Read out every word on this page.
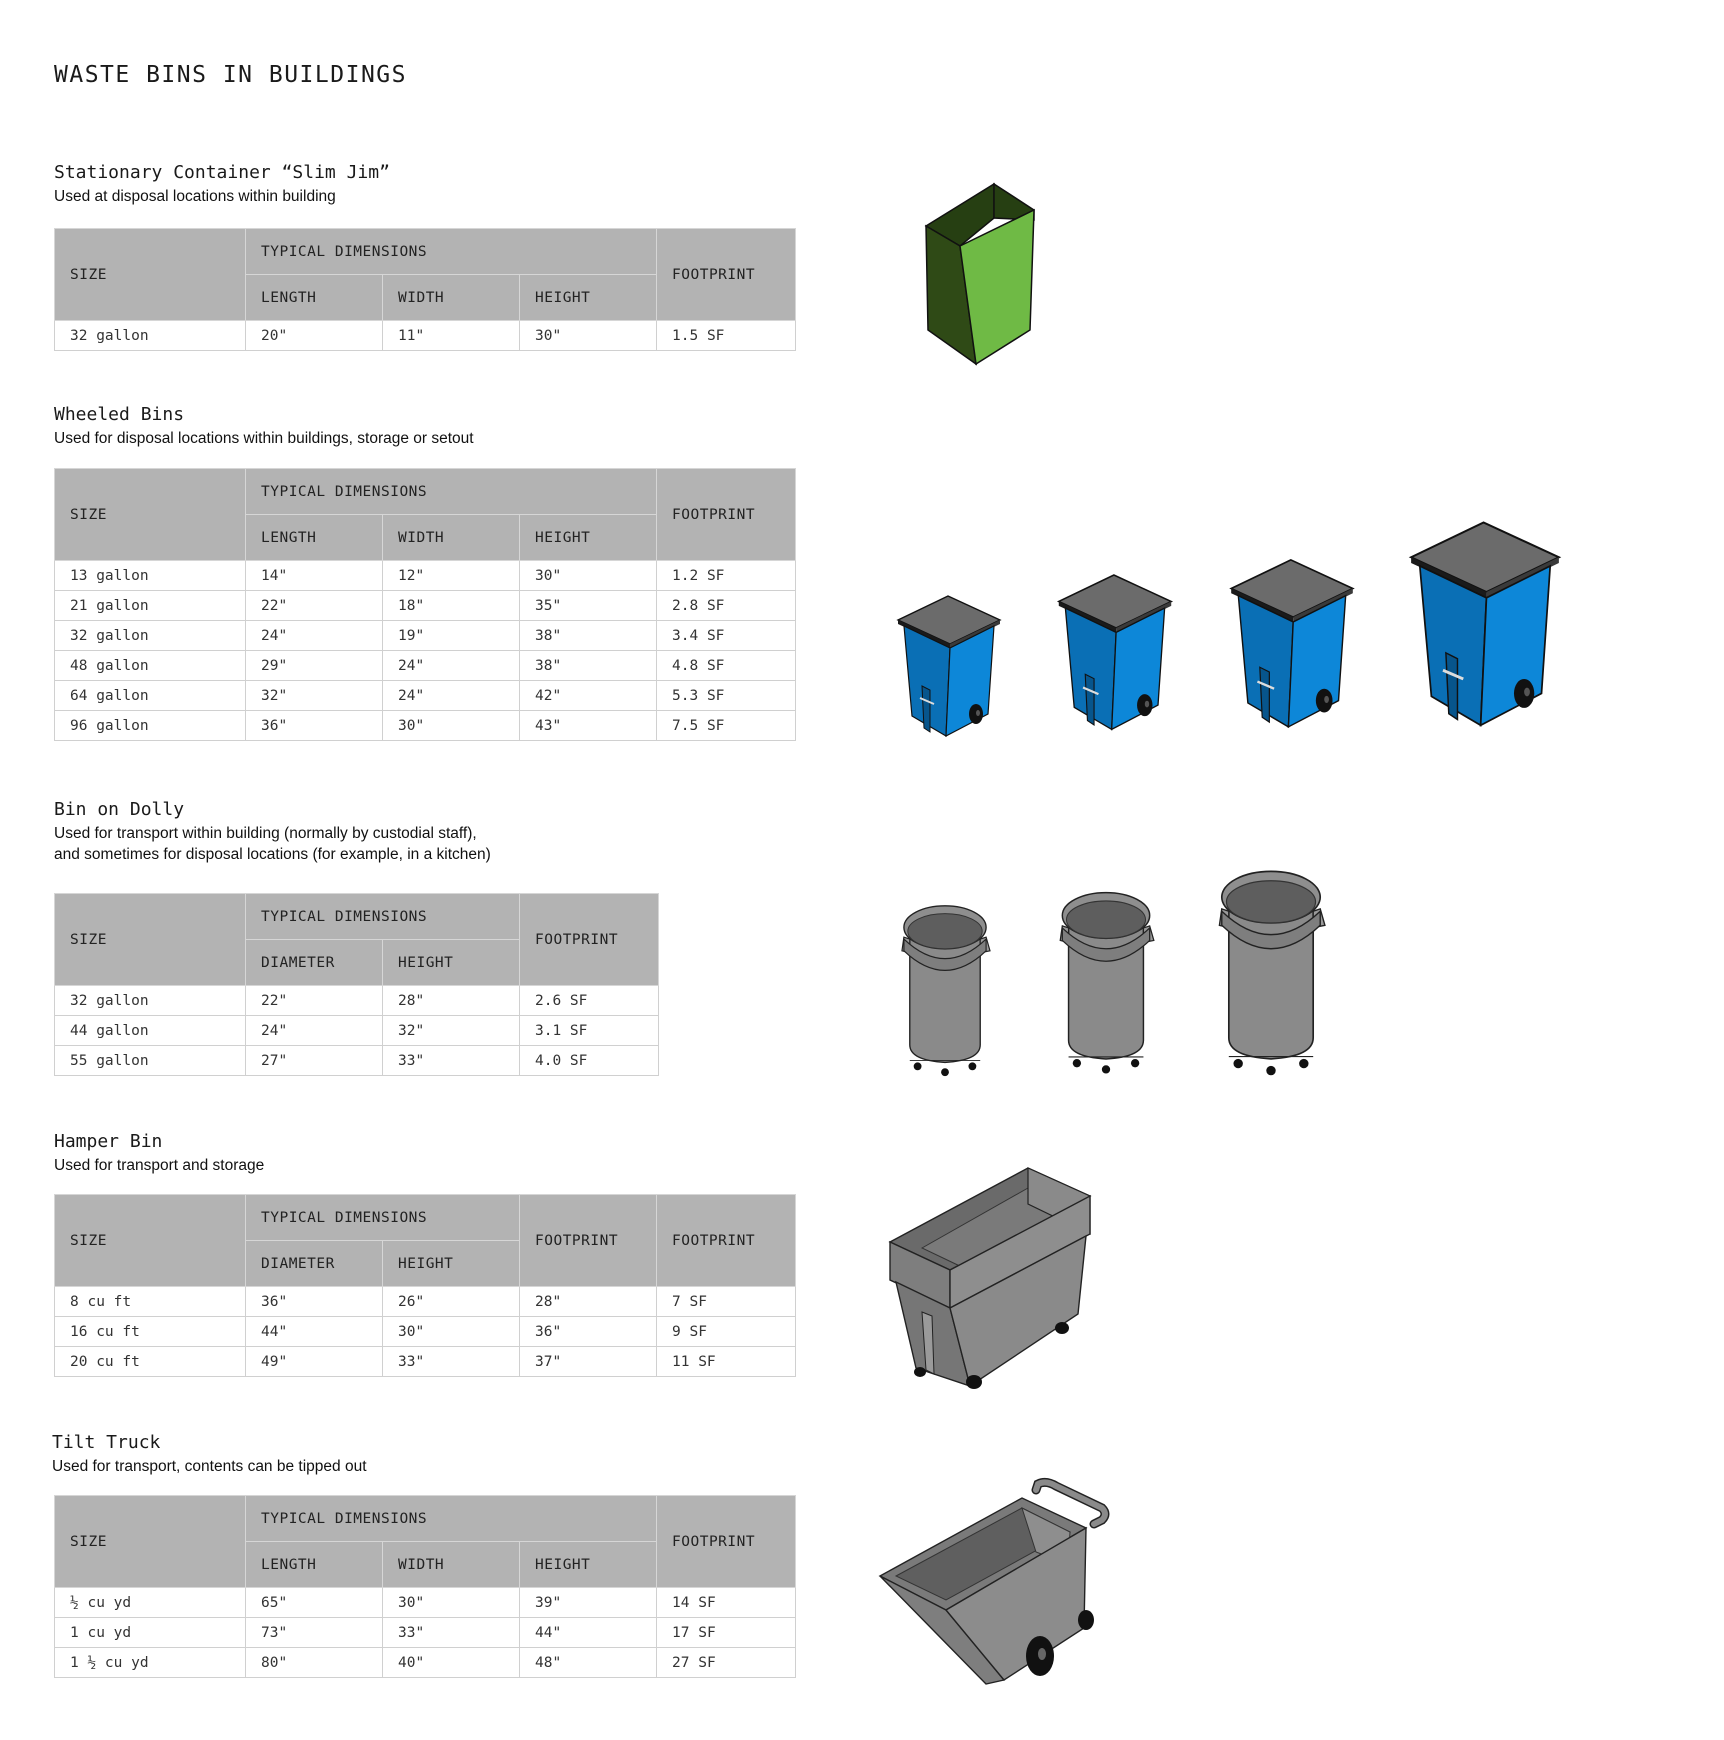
WASTE BINS IN BUILDINGS
Stationary Container “Slim Jim”

Used at disposal locations within building

SIZE	TYPICAL DIMENSIONS			FOOTPRINT
	LENGTH	WIDTH	HEIGHT	
32 gallon	20"	11"	30"	1.5 SF
Wheeled Bins

Used for disposal locations within buildings, storage or setout

SIZE	TYPICAL DIMENSIONS			FOOTPRINT
	LENGTH	WIDTH	HEIGHT	
13 gallon	14"	12"	30"	1.2 SF
21 gallon	22"	18"	35"	2.8 SF
32 gallon	24"	19"	38"	3.4 SF
48 gallon	29"	24"	38"	4.8 SF
64 gallon	32"	24"	42"	5.3 SF
96 gallon	36"	30"	43"	7.5 SF
Bin on Dolly

Used for transport within building (normally by custodial staff),
and sometimes for disposal locations (for example, in a kitchen)

SIZE	TYPICAL DIMENSIONS		FOOTPRINT
	DIAMETER	HEIGHT	
32 gallon	22"	28"	2.6 SF
44 gallon	24"	32"	3.1 SF
55 gallon	27"	33"	4.0 SF
Hamper Bin

Used for transport and storage

SIZE	TYPICAL DIMENSIONS		FOOTPRINT	FOOTPRINT
	DIAMETER	HEIGHT		
8 cu ft	36"	26"	28"	7 SF
16 cu ft	44"	30"	36"	9 SF
20 cu ft	49"	33"	37"	11 SF
Tilt Truck

Used for transport, contents can be tipped out

SIZE	TYPICAL DIMENSIONS			FOOTPRINT
	LENGTH	WIDTH	HEIGHT	
½ cu yd	65"	30"	39"	14 SF
1 cu yd	73"	33"	44"	17 SF
1 ½ cu yd	80"	40"	48"	27 SF
